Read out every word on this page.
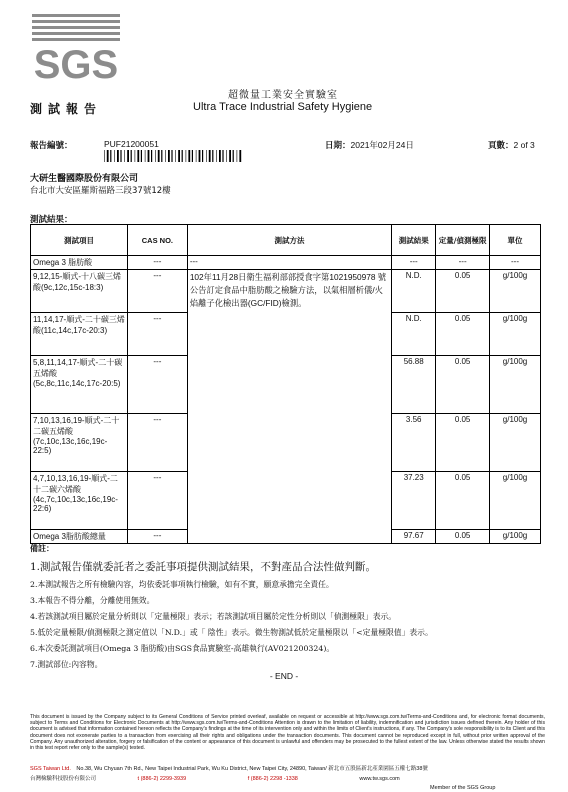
SGS
超微量工業安全實驗室
測試報告	Ultra Trace Industrial Safety Hygiene
報告編號：	PUF21200051	日期：2021年02月24日	頁數：2 of 3
大研生醫國際股份有限公司
台北市大安區羅斯福路三段37號12樓
測試結果：
測試項目	CAS NO.	測試方法	測試結果	定量/偵測極限	單位
Omega 3 脂肪酸	---	---	---	---	---
9,12,15-順式-十八碳三烯酸(9c,12c,15c-18:3)	---	102年11月28日衛生福利部部授食字第1021950978 號公告訂定食品中脂肪酸之檢驗方法，以氣相層析儀/火焰離子化檢出器(GC/FID)檢測。	N.D.	0.05	g/100g
11,14,17-順式-二十碳三烯酸(11c,14c,17c-20:3)	---		N.D.	0.05	g/100g
5,8,11,14,17-順式-二十碳五烯酸(5c,8c,11c,14c,17c-20:5)	---		56.88	0.05	g/100g
7,10,13,16,19-順式-二十二碳五烯酸(7c,10c,13c,16c,19c-22:5)	---		3.56	0.05	g/100g
4,7,10,13,16,19-順式-二十二碳六烯酸(4c,7c,10c,13c,16c,19c-22:6)	---		37.23	0.05	g/100g
Omega 3脂肪酸總量	---		97.67	0.05	g/100g
備註：
1.測試報告僅就委託者之委託事項提供測試結果，不對產品合法性做判斷。
2.本測試報告之所有檢驗內容，均依委託事項執行檢驗，如有不實，願意承擔完全責任。
3.本報告不得分離，分離使用無效。
4.若該測試項目屬於定量分析則以「定量極限」表示；若該測試項目屬於定性分析則以「偵測極限」表示。
5.低於定量極限/偵測極限之測定值以「N.D.」或「 陰性」表示。微生物測試低於定量極限以「<定量極限值」表示。
6.本次委託測試項目(Omega 3 脂肪酸)由SGS食品實驗室-高雄執行(AV0212003​24)。
7.測試部位:內容物。
- END -
This document is issued by the Company subject to its General Conditions of Service printed overleaf, available on request or accessible at http://www.sgs.com.tw/Terms-and-Conditions and, for electronic format documents, subject to Terms and Conditions for Electronic Documents at http://www.sgs.com.tw/Terms-and-Conditions Attention is drawn to the limitation of liability, indemnification and jurisdiction issues defined therein. Any holder of this document is advised that information contained hereon reflects the Company's findings at the time of its intervention only and within the limits of Client's instructions, if any. The Company's sole responsibility is to its Client and this document does not exonerate parties to a transaction from exercising all their rights and obligations under the transaction documents. This document cannot be reproduced except in full, without prior written approval of the Company. Any unauthorized alteration, forgery or falsification of the content or appearance of this document is unlawful and offenders may be prosecuted to the fullest extent of the law. Unless otherwise stated the results shown in this test report refer only to the sample(s) tested.
SGS Taiwan Ltd. No.38, Wu Chyuan 7th Rd., New Taipei Industrial Park, Wu Ku District, New Taipei City, 24890, Taiwan/ 新北市五股區新北產業園區五權七路38號
台灣檢驗科技股份有限公司	t (886-2) 2299-3939	f (886-2) 2298 -1338	www.tw.sgs.com
Member of the SGS Group
